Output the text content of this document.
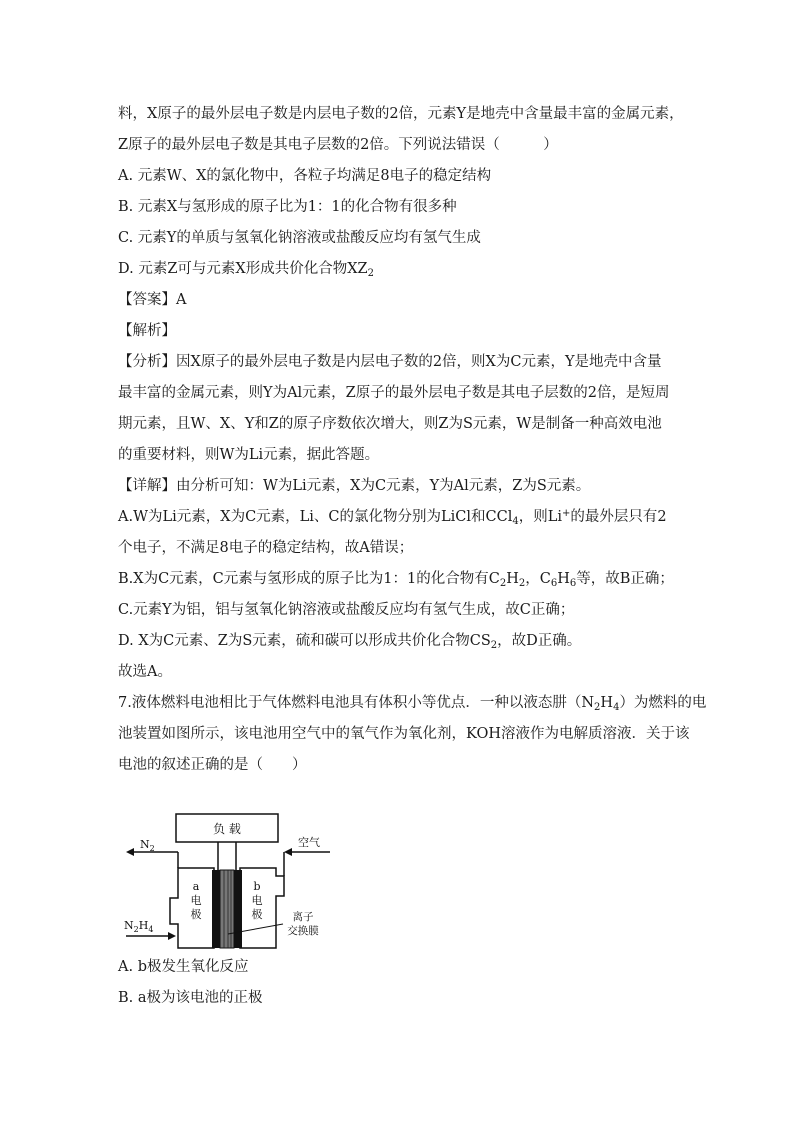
料，X原子的最外层电子数是内层电子数的2倍，元素Y是地壳中含量最丰富的金属元素，
Z原子的最外层电子数是其电子层数的2倍。下列说法错误（　　　）
A. 元素W、X的氯化物中，各粒子均满足8电子的稳定结构
B. 元素X与氢形成的原子比为1：1的化合物有很多种
C. 元素Y的单质与氢氧化钠溶液或盐酸反应均有氢气生成
D. 元素Z可与元素X形成共价化合物$XZ_2$
【答案】A
【解析】
【分析】因X原子的最外层电子数是内层电子数的2倍，则X为C元素，Y是地壳中含量
最丰富的金属元素，则Y为Al元素，Z原子的最外层电子数是其电子层数的2倍，是短周
期元素，且W、X、Y和Z的原子序数依次增大，则Z为S元素，W是制备一种高效电池
的重要材料，则W为Li元素，据此答题。
【详解】由分析可知：W为Li元素，X为C元素，Y为Al元素，Z为S元素。
A.W为Li元素，X为C元素，Li、C的氯化物分别为LiCl和CCl$_4$，则Li+的最外层只有2
个电子，不满足8电子的稳定结构，故A错误；
B.X为C元素，C元素与氢形成的原子比为1：1的化合物有$C_2H_2$，$C_6H_6$等，故B正确；
C.元素Y为铝，铝与氢氧化钠溶液或盐酸反应均有氢气生成，故C正确；
D. X为C元素、Z为S元素，硫和碳可以形成共价化合物$CS_2$，故D正确。
故选A。
7.液体燃料电池相比于气体燃料电池具有体积小等优点．一种以液态肼$(N_2H_4)$为燃料的电
池装置如图所示，该电池用空气中的氧气作为氧化剂，KOH溶液作为电解质溶液．关于该
电池的叙述正确的是（　　）
负 载
a
电
极
b
电
极	离子
交换膜
$N_2$
$N_2H_4$
空气
A. b极发生氧化反应
B. a极为该电池的正极
